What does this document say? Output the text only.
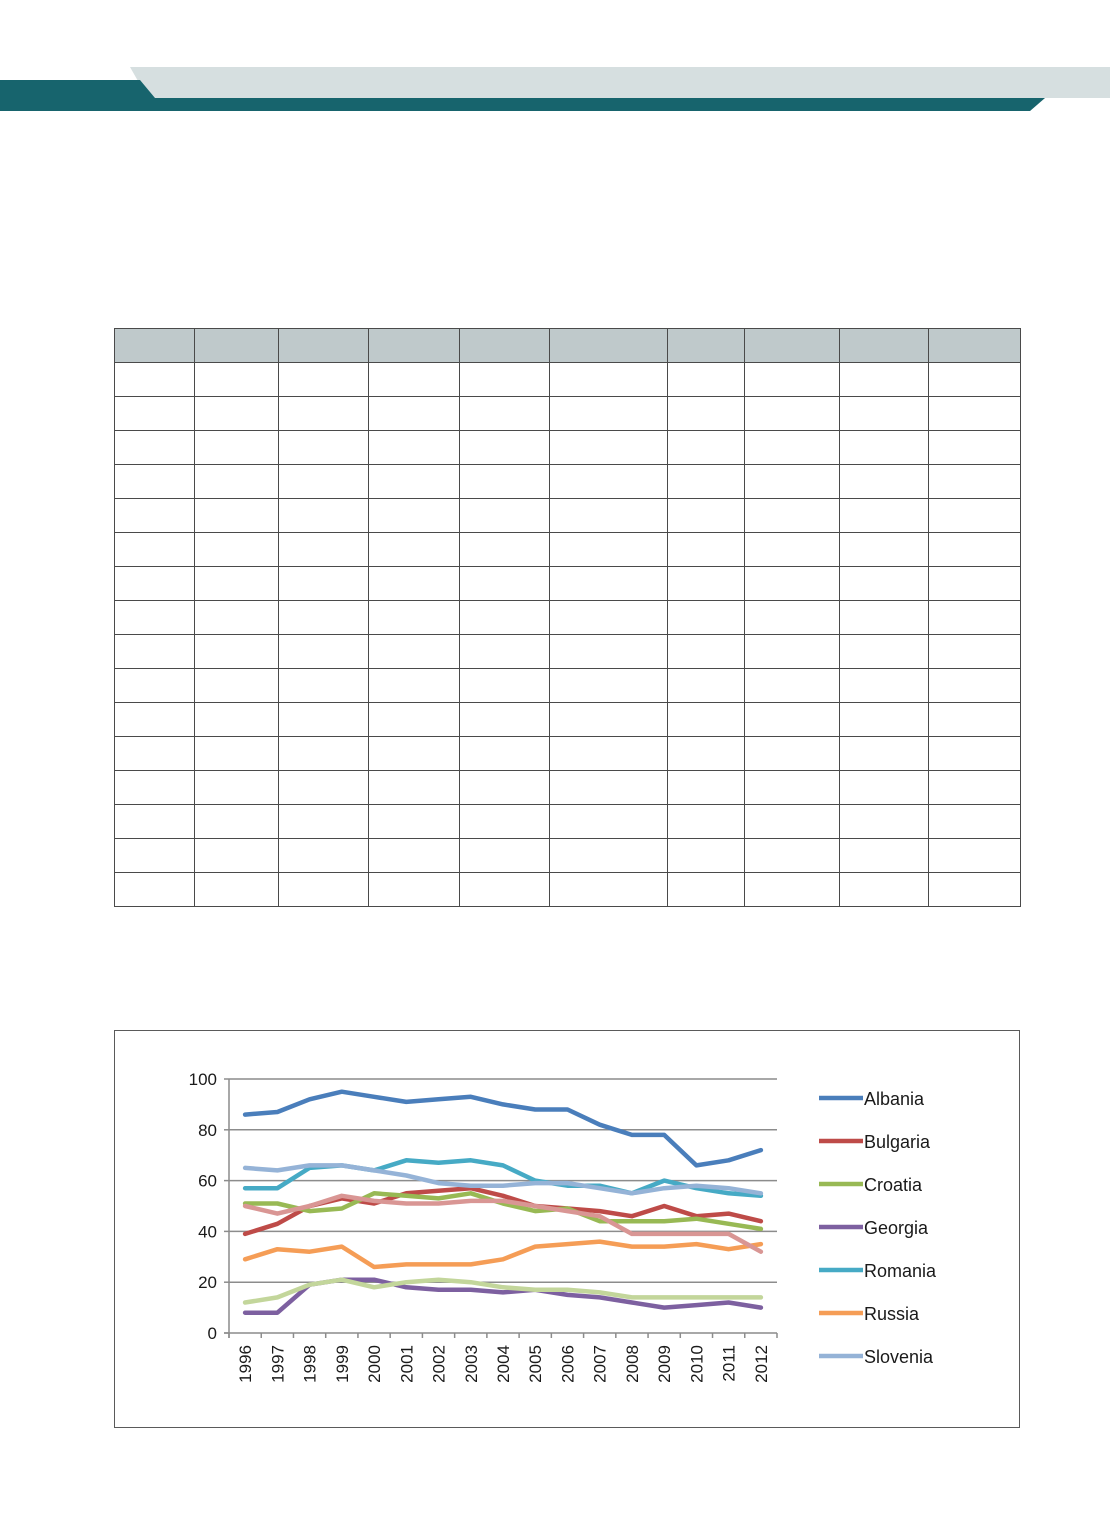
0
20
40
60
80
100
1996 1997 1998 1999 2000 2001 2002 2003 2004 2005 2006 2007 2008 2009 2010 2011 2012
Albania
Bulgaria
Croatia
Georgia
Romania
Russia
Slovenia
